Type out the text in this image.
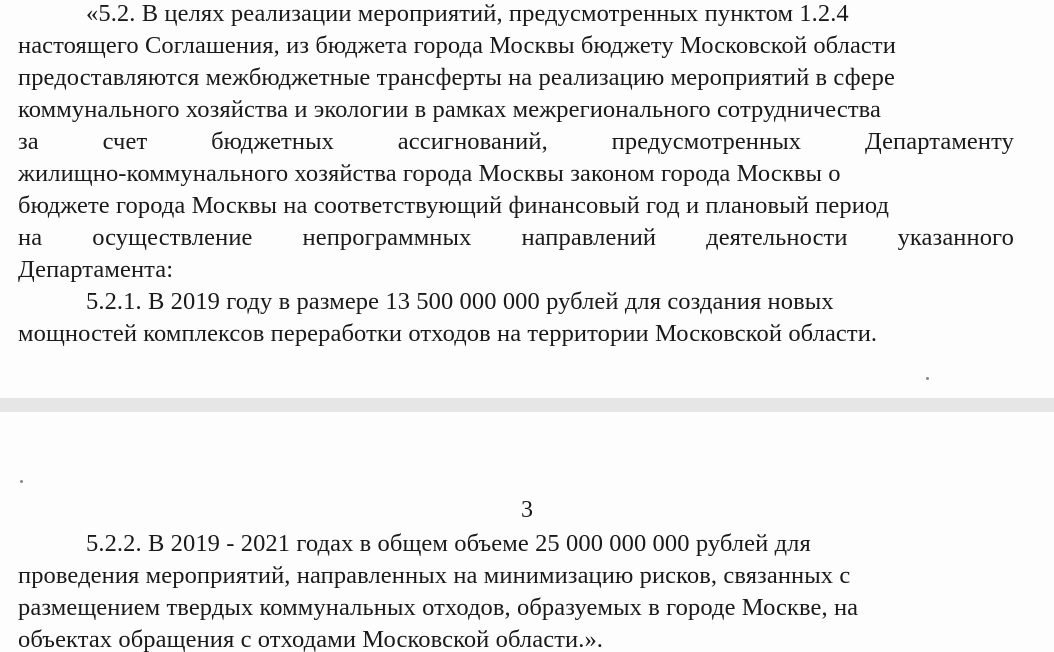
«5.2. В целях реализации мероприятий, предусмотренных пунктом 1.2.4
настоящего Соглашения, из бюджета города Москвы бюджету Московской области
предоставляются межбюджетные трансферты на реализацию мероприятий в сфере
коммунального хозяйства и экологии в рамках межрегионального сотрудничества
за	счет	бюджетных	ассигнований,	предусмотренных	Департаменту
жилищно-коммунального хозяйства города Москвы законом города Москвы о
бюджете города Москвы на соответствующий финансовый год и плановый период
на осуществление непрограммных направлений деятельности указанного
Департамента:
5.2.1. В 2019 году в размере 13 500 000 000 рублей для создания новых
мощностей комплексов переработки отходов на территории Московской области.
3
5.2.2. В 2019 - 2021 годах в общем объеме 25 000 000 000 рублей для
проведения мероприятий, направленных на минимизацию рисков, связанных с
размещением твердых коммунальных отходов, образуемых в городе Москве, на
объектах обращения с отходами Московской области.».
